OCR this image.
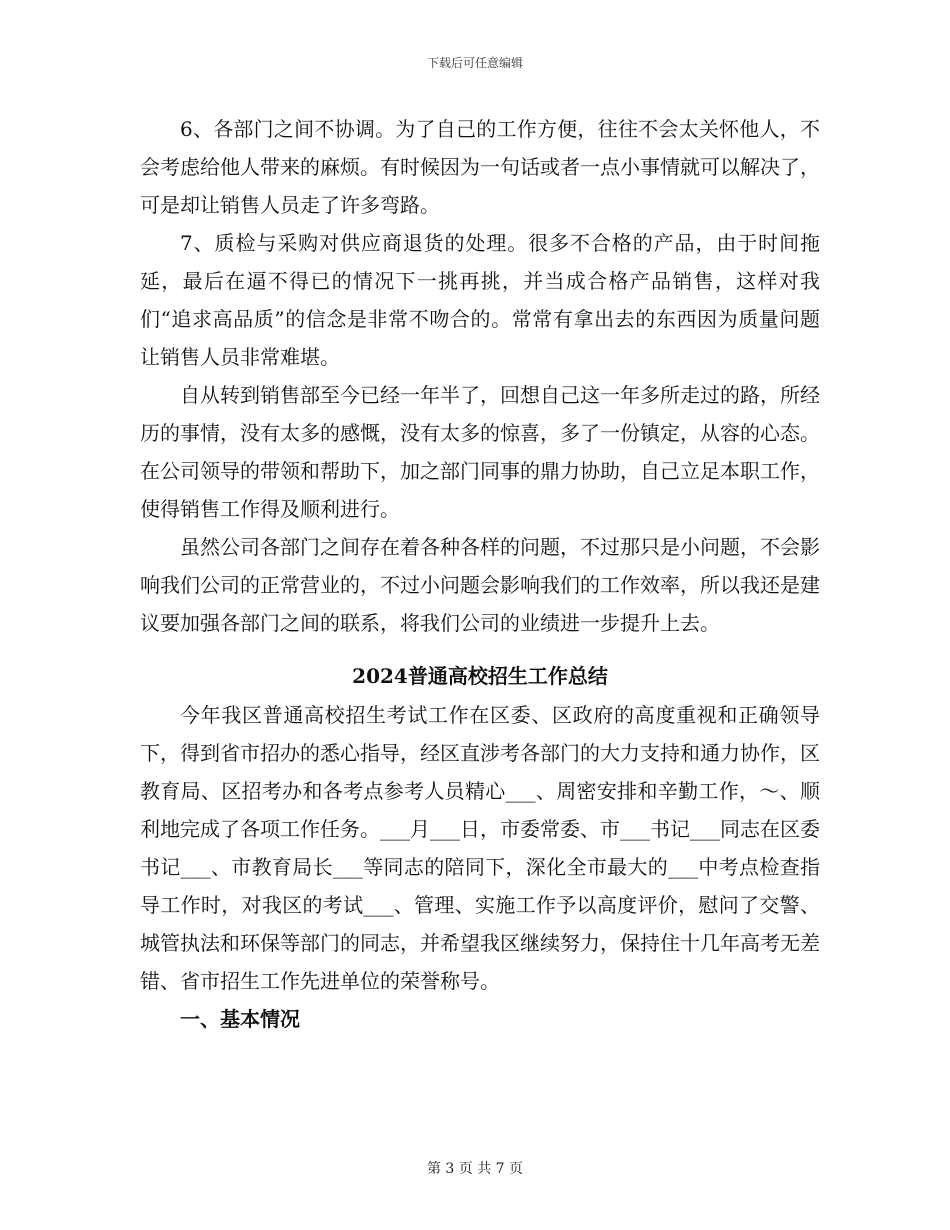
下载后可任意编辑

6、各部门之间不协调。为了自己的工作方便，往往不会太关怀他人，不会考虑给他人带来的麻烦。有时候因为一句话或者一点小事情就可以解决了，可是却让销售人员走了许多弯路。

7、质检与采购对供应商退货的处理。很多不合格的产品，由于时间拖延，最后在逼不得已的情况下一挑再挑，并当成合格产品销售，这样对我们“追求高品质”的信念是非常不吻合的。常常有拿出去的东西因为质量问题让销售人员非常难堪。

自从转到销售部至今已经一年半了，回想自己这一年多所走过的路，所经历的事情，没有太多的感慨，没有太多的惊喜，多了一份镇定，从容的心态。在公司领导的带领和帮助下，加之部门同事的鼎力协助，自己立足本职工作，使得销售工作得及顺利进行。

虽然公司各部门之间存在着各种各样的问题，不过那只是小问题，不会影响我们公司的正常营业的，不过小问题会影响我们的工作效率，所以我还是建议要加强各部门之间的联系，将我们公司的业绩进一步提升上去。

2024普通高校招生工作总结

今年我区普通高校招生考试工作在区委、区政府的高度重视和正确领导下，得到省市招办的悉心指导，经区直涉考各部门的大力支持和通力协作，区教育局、区招考办和各考点参考人员精心___、周密安排和辛勤工作，～、顺利地完成了各项工作任务。___月___日，市委常委、市___书记___同志在区委书记___、市教育局长___等同志的陪同下，深化全市最大的___中考点检查指导工作时，对我区的考试___、管理、实施工作予以高度评价，慰问了交警、城管执法和环保等部门的同志，并希望我区继续努力，保持住十几年高考无差错、省市招生工作先进单位的荣誉称号。

一、基本情况

第 3 页 共 7 页
